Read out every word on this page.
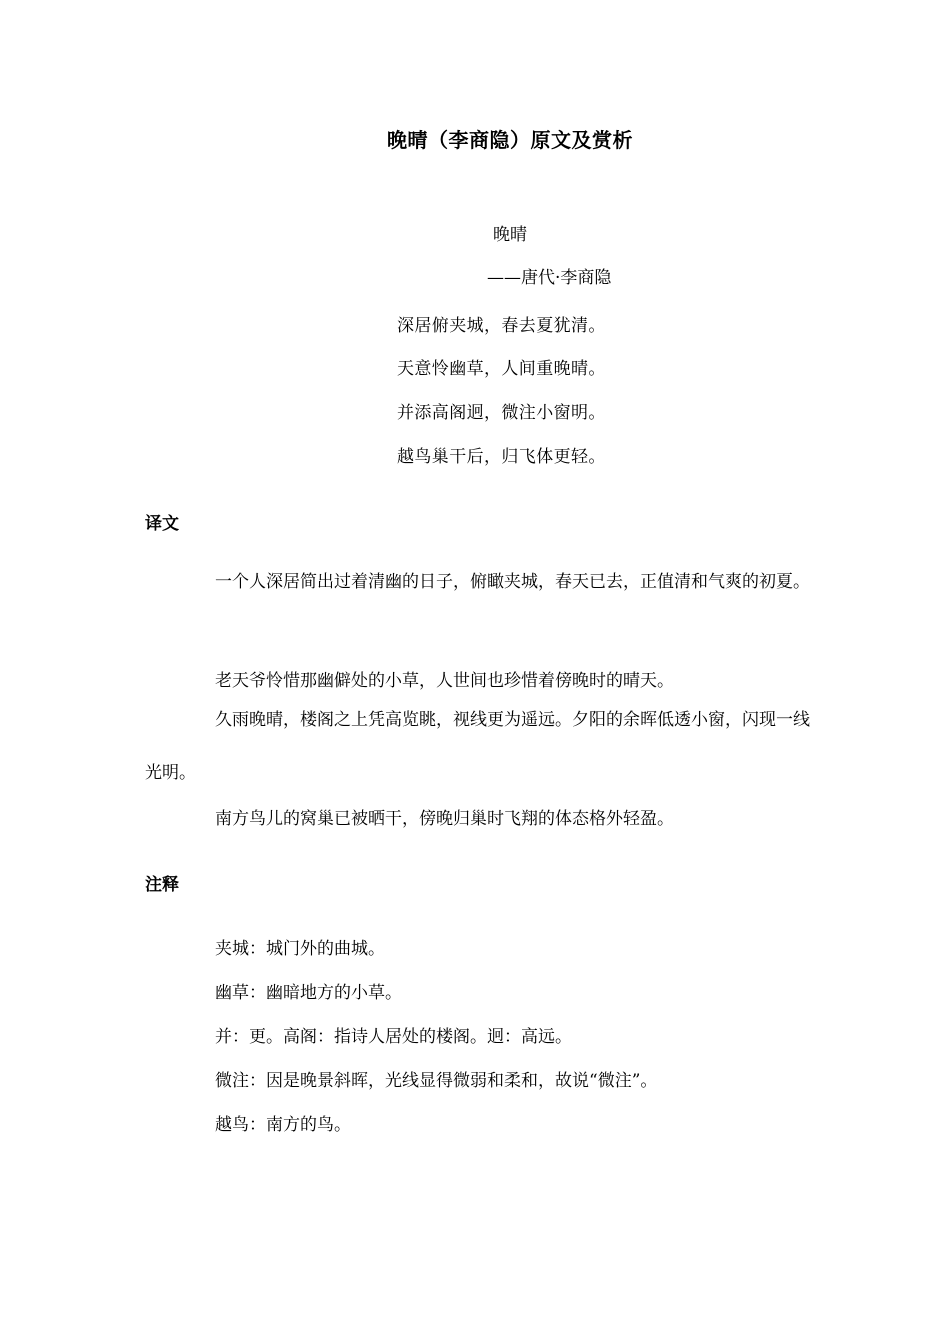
晚晴（李商隐）原文及赏析
晚晴
——唐代·李商隐
深居俯夹城，春去夏犹清。
天意怜幽草，人间重晚晴。
并添高阁迥，微注小窗明。
越鸟巢干后，归飞体更轻。
译文

一个人深居简出过着清幽的日子，俯瞰夹城，春天已去，正值清和气爽的初夏。

老天爷怜惜那幽僻处的小草，人世间也珍惜着傍晚时的晴天。

久雨晚晴，楼阁之上凭高览眺，视线更为遥远。夕阳的余晖低透小窗，闪现一线光明。

南方鸟儿的窝巢已被晒干，傍晚归巢时飞翔的体态格外轻盈。

注释

夹城：城门外的曲城。

幽草：幽暗地方的小草。

并：更。高阁：指诗人居处的楼阁。迥：高远。

微注：因是晚景斜晖，光线显得微弱和柔和，故说“微注”。

越鸟：南方的鸟。
